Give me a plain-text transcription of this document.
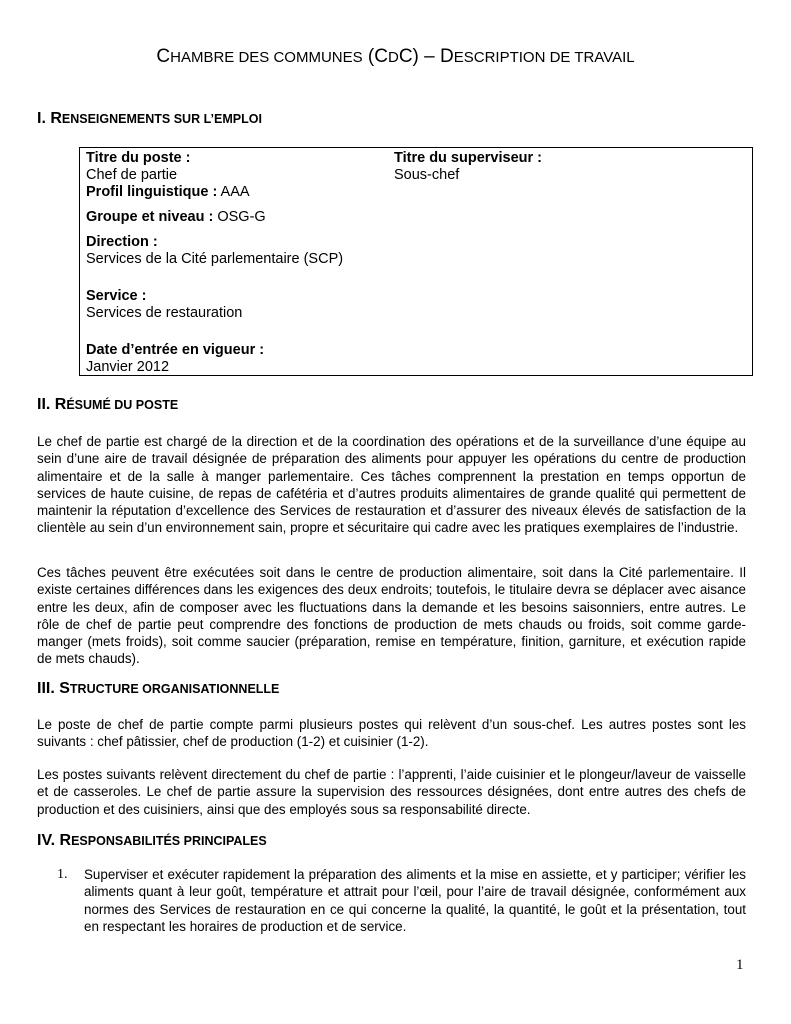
CHAMBRE DES COMMUNES (CDC) – DESCRIPTION DE TRAVAIL
I. RENSEIGNEMENTS SUR L’EMPLOI
Titre du poste :
Chef de partie
Titre du superviseur :
Sous-chef
Profil linguistique : AAA
Groupe et niveau : OSG-G
Direction :
Services de la Cité parlementaire (SCP)
Service :
Services de restauration
Date d’entrée en vigueur :
Janvier 2012
II. RÉSUMÉ DU POSTE
Le chef de partie est chargé de la direction et de la coordination des opérations et de la surveillance d’une équipe au sein d’une aire de travail désignée de préparation des aliments pour appuyer les opérations du centre de production alimentaire et de la salle à manger parlementaire. Ces tâches comprennent la prestation en temps opportun de services de haute cuisine, de repas de cafétéria et d’autres produits alimentaires de grande qualité qui permettent de maintenir la réputation d’excellence des Services de restauration et d’assurer des niveaux élevés de satisfaction de la clientèle au sein d’un environnement sain, propre et sécuritaire qui cadre avec les pratiques exemplaires de l’industrie.
Ces tâches peuvent être exécutées soit dans le centre de production alimentaire, soit dans la Cité parlementaire. Il existe certaines différences dans les exigences des deux endroits; toutefois, le titulaire devra se déplacer avec aisance entre les deux, afin de composer avec les fluctuations dans la demande et les besoins saisonniers, entre autres. Le rôle de chef de partie peut comprendre des fonctions de production de mets chauds ou froids, soit comme garde-manger (mets froids), soit comme saucier (préparation, remise en température, finition, garniture, et exécution rapide de mets chauds).
III. STRUCTURE ORGANISATIONNELLE
Le poste de chef de partie compte parmi plusieurs postes qui relèvent d’un sous-chef. Les autres postes sont les suivants : chef pâtissier, chef de production (1-2) et cuisinier (1-2).
Les postes suivants relèvent directement du chef de partie : l’apprenti, l’aide cuisinier et le plongeur/laveur de vaisselle et de casseroles. Le chef de partie assure la supervision des ressources désignées, dont entre autres des chefs de production et des cuisiniers, ainsi que des employés sous sa responsabilité directe.
IV. RESPONSABILITÉS PRINCIPALES
1. Superviser et exécuter rapidement la préparation des aliments et la mise en assiette, et y participer; vérifier les aliments quant à leur goût, température et attrait pour l’œil, pour l’aire de travail désignée, conformément aux normes des Services de restauration en ce qui concerne la qualité, la quantité, le goût et la présentation, tout en respectant les horaires de production et de service.
1
